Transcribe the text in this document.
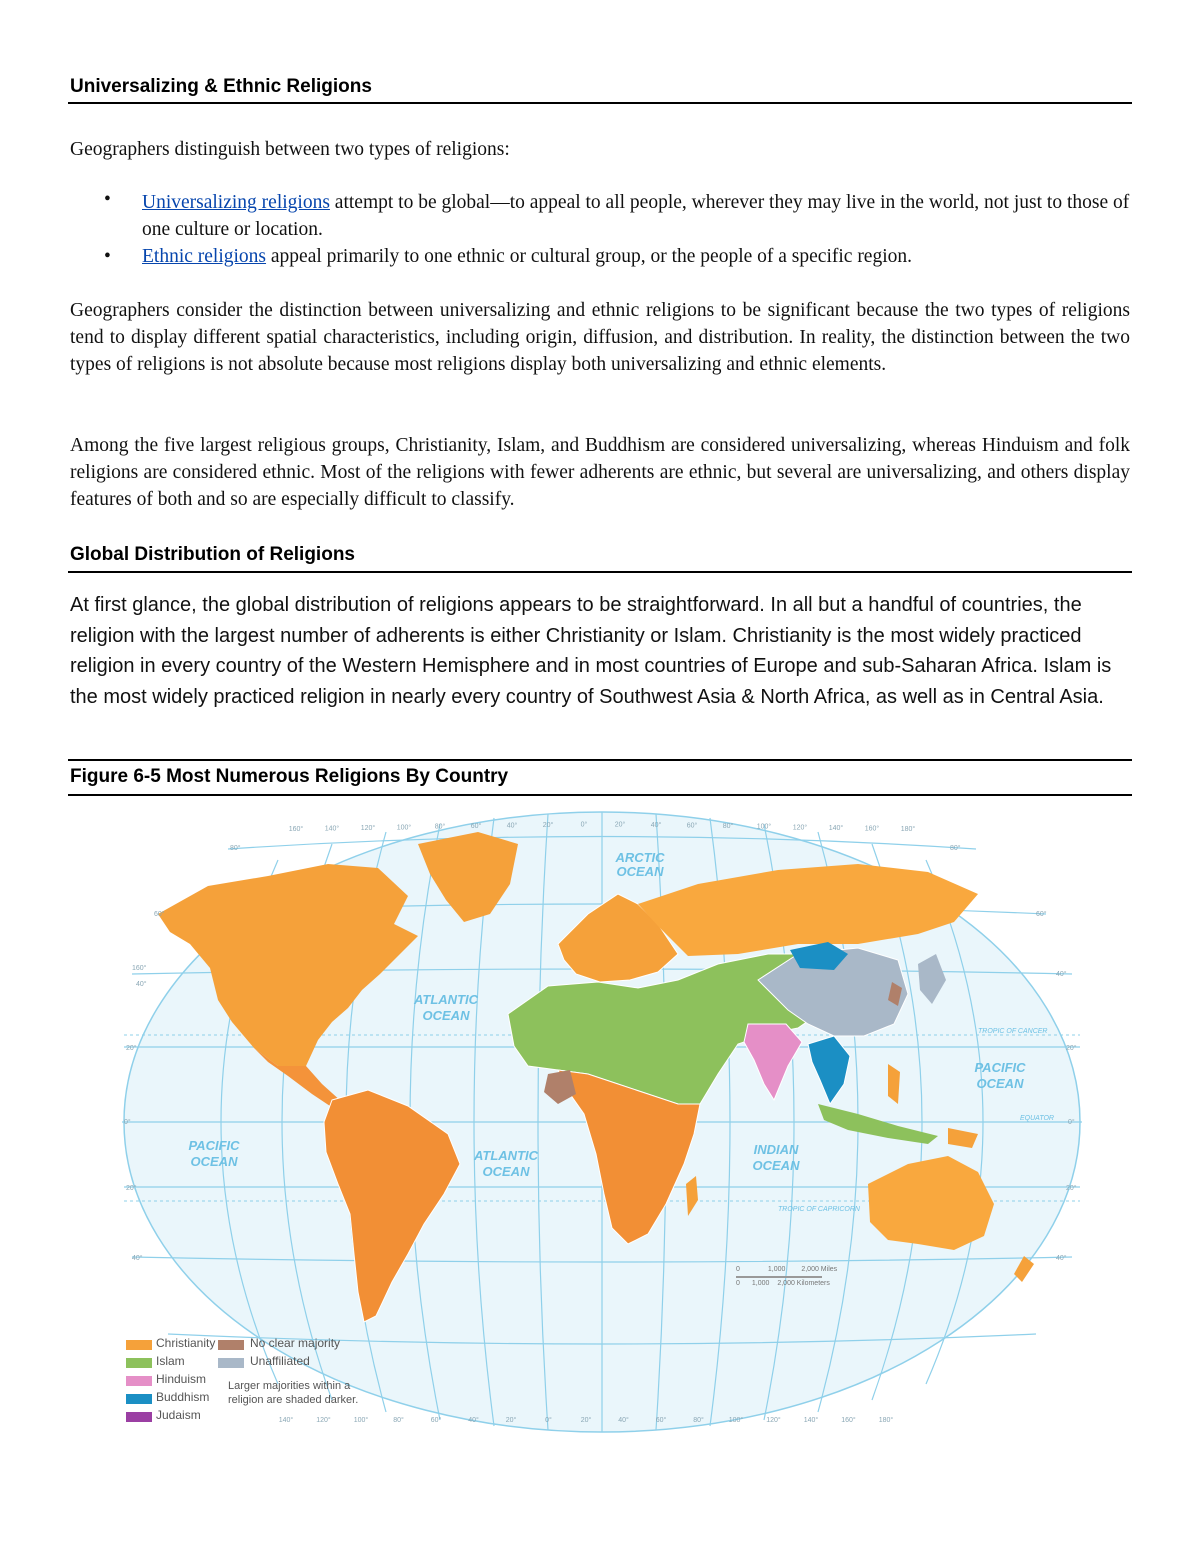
Universalizing & Ethnic Religions

Geographers distinguish between two types of religions:

• Universalizing religions attempt to be global—to appeal to all people, wherever they may live in the world, not just to those of one culture or location.
• Ethnic religions appeal primarily to one ethnic or cultural group, or the people of a specific region.

Geographers consider the distinction between universalizing and ethnic religions to be significant because the two types of religions tend to display different spatial characteristics, including origin, diffusion, and distribution. In reality, the distinction between the two types of religions is not absolute because most religions display both universalizing and ethnic elements.

Among the five largest religious groups, Christianity, Islam, and Buddhism are considered universalizing, whereas Hinduism and folk religions are considered ethnic. Most of the religions with fewer adherents are ethnic, but several are universalizing, and others display features of both and so are especially difficult to classify.

Global Distribution of Religions

At first glance, the global distribution of religions appears to be straightforward. In all but a handful of countries, the religion with the largest number of adherents is either Christianity or Islam. Christianity is the most widely practiced religion in every country of the Western Hemisphere and in most countries of Europe and sub-Saharan Africa. Islam is the most widely practiced religion in nearly every country of Southwest Asia & North Africa, as well as in Central Asia.

Figure 6-5 Most Numerous Religions By Country
ARCTIC
OCEAN
ATLANTIC
OCEAN
ATLANTIC
OCEAN
PACIFIC
OCEAN
PACIFIC
OCEAN
INDIAN
OCEAN
TROPIC OF CANCER
EQUATOR
TROPIC OF CAPRICORN
160°	140°	120°	100°	80°	60°	40°	20°	0°	20°	40°	60°	80°	100°	120°	140°	160°	180°
140°	120°	100°	80°	60°	40°	20°	0°	20°	40°	60°	80°	100°	120°	140°	160°	180°
80°
60°
160°
40°
20°
0°
20°
40°
80°
60°
40°
20°
0°
20°
40°
0	1,000 2,000 Miles
0 1,000 2,000 Kilometers
Christianity
Islam
Hinduism
Buddhism
Judaism
No clear majority
Unaffiliated
Larger majorities within a
religion are shaded darker.
